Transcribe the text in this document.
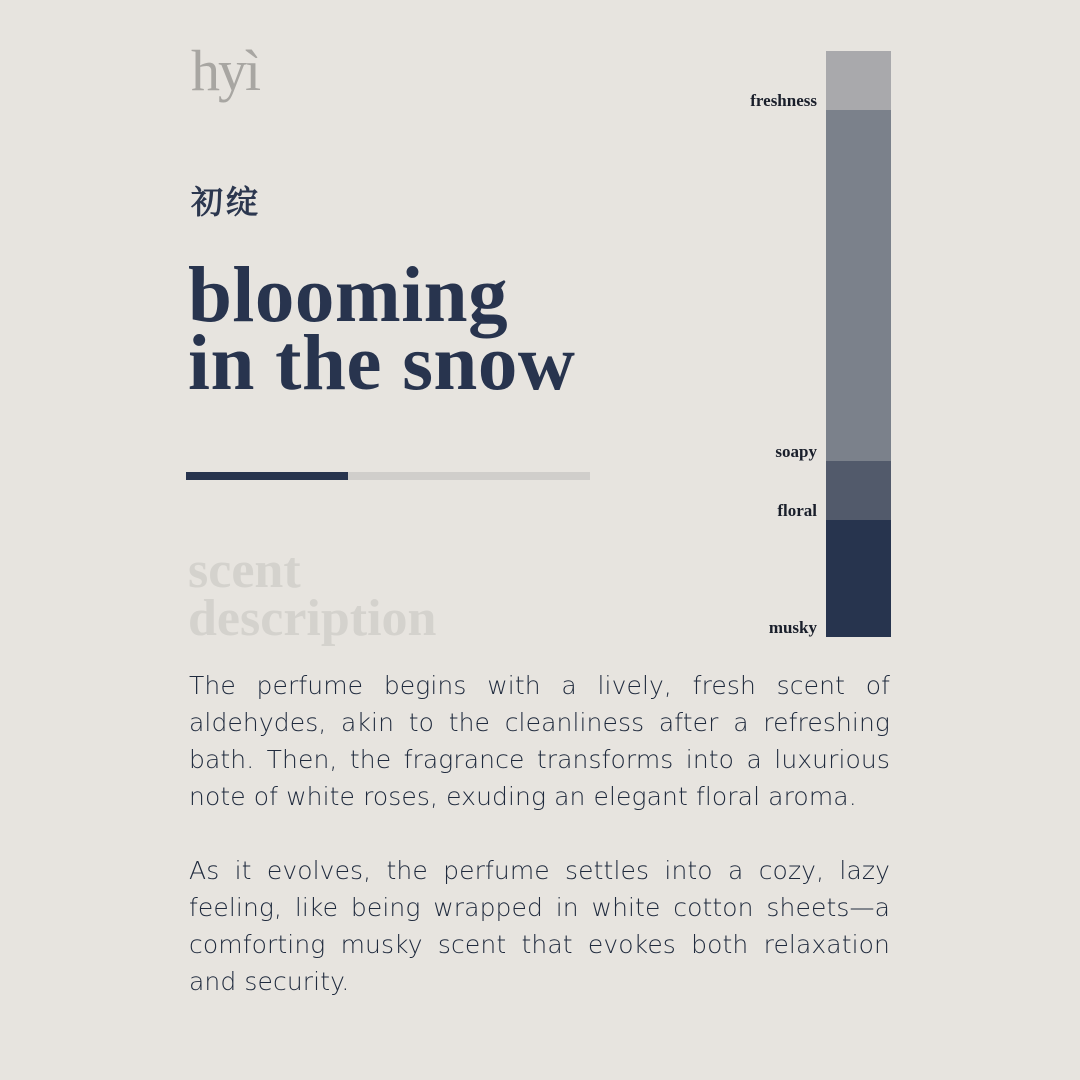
hyì
初绽
blooming
in the snow
scent
description

The perfume begins with a lively, fresh scent of aldehydes, akin to the cleanliness after a refreshing bath. Then, the fragrance transforms into a luxurious note of white roses, exuding an elegant floral aroma.

As it evolves, the perfume settles into a cozy, lazy feeling, like being wrapped in white cotton sheets—a comforting musky scent that evokes both relaxation and security.

freshness
soapy
floral
musky
